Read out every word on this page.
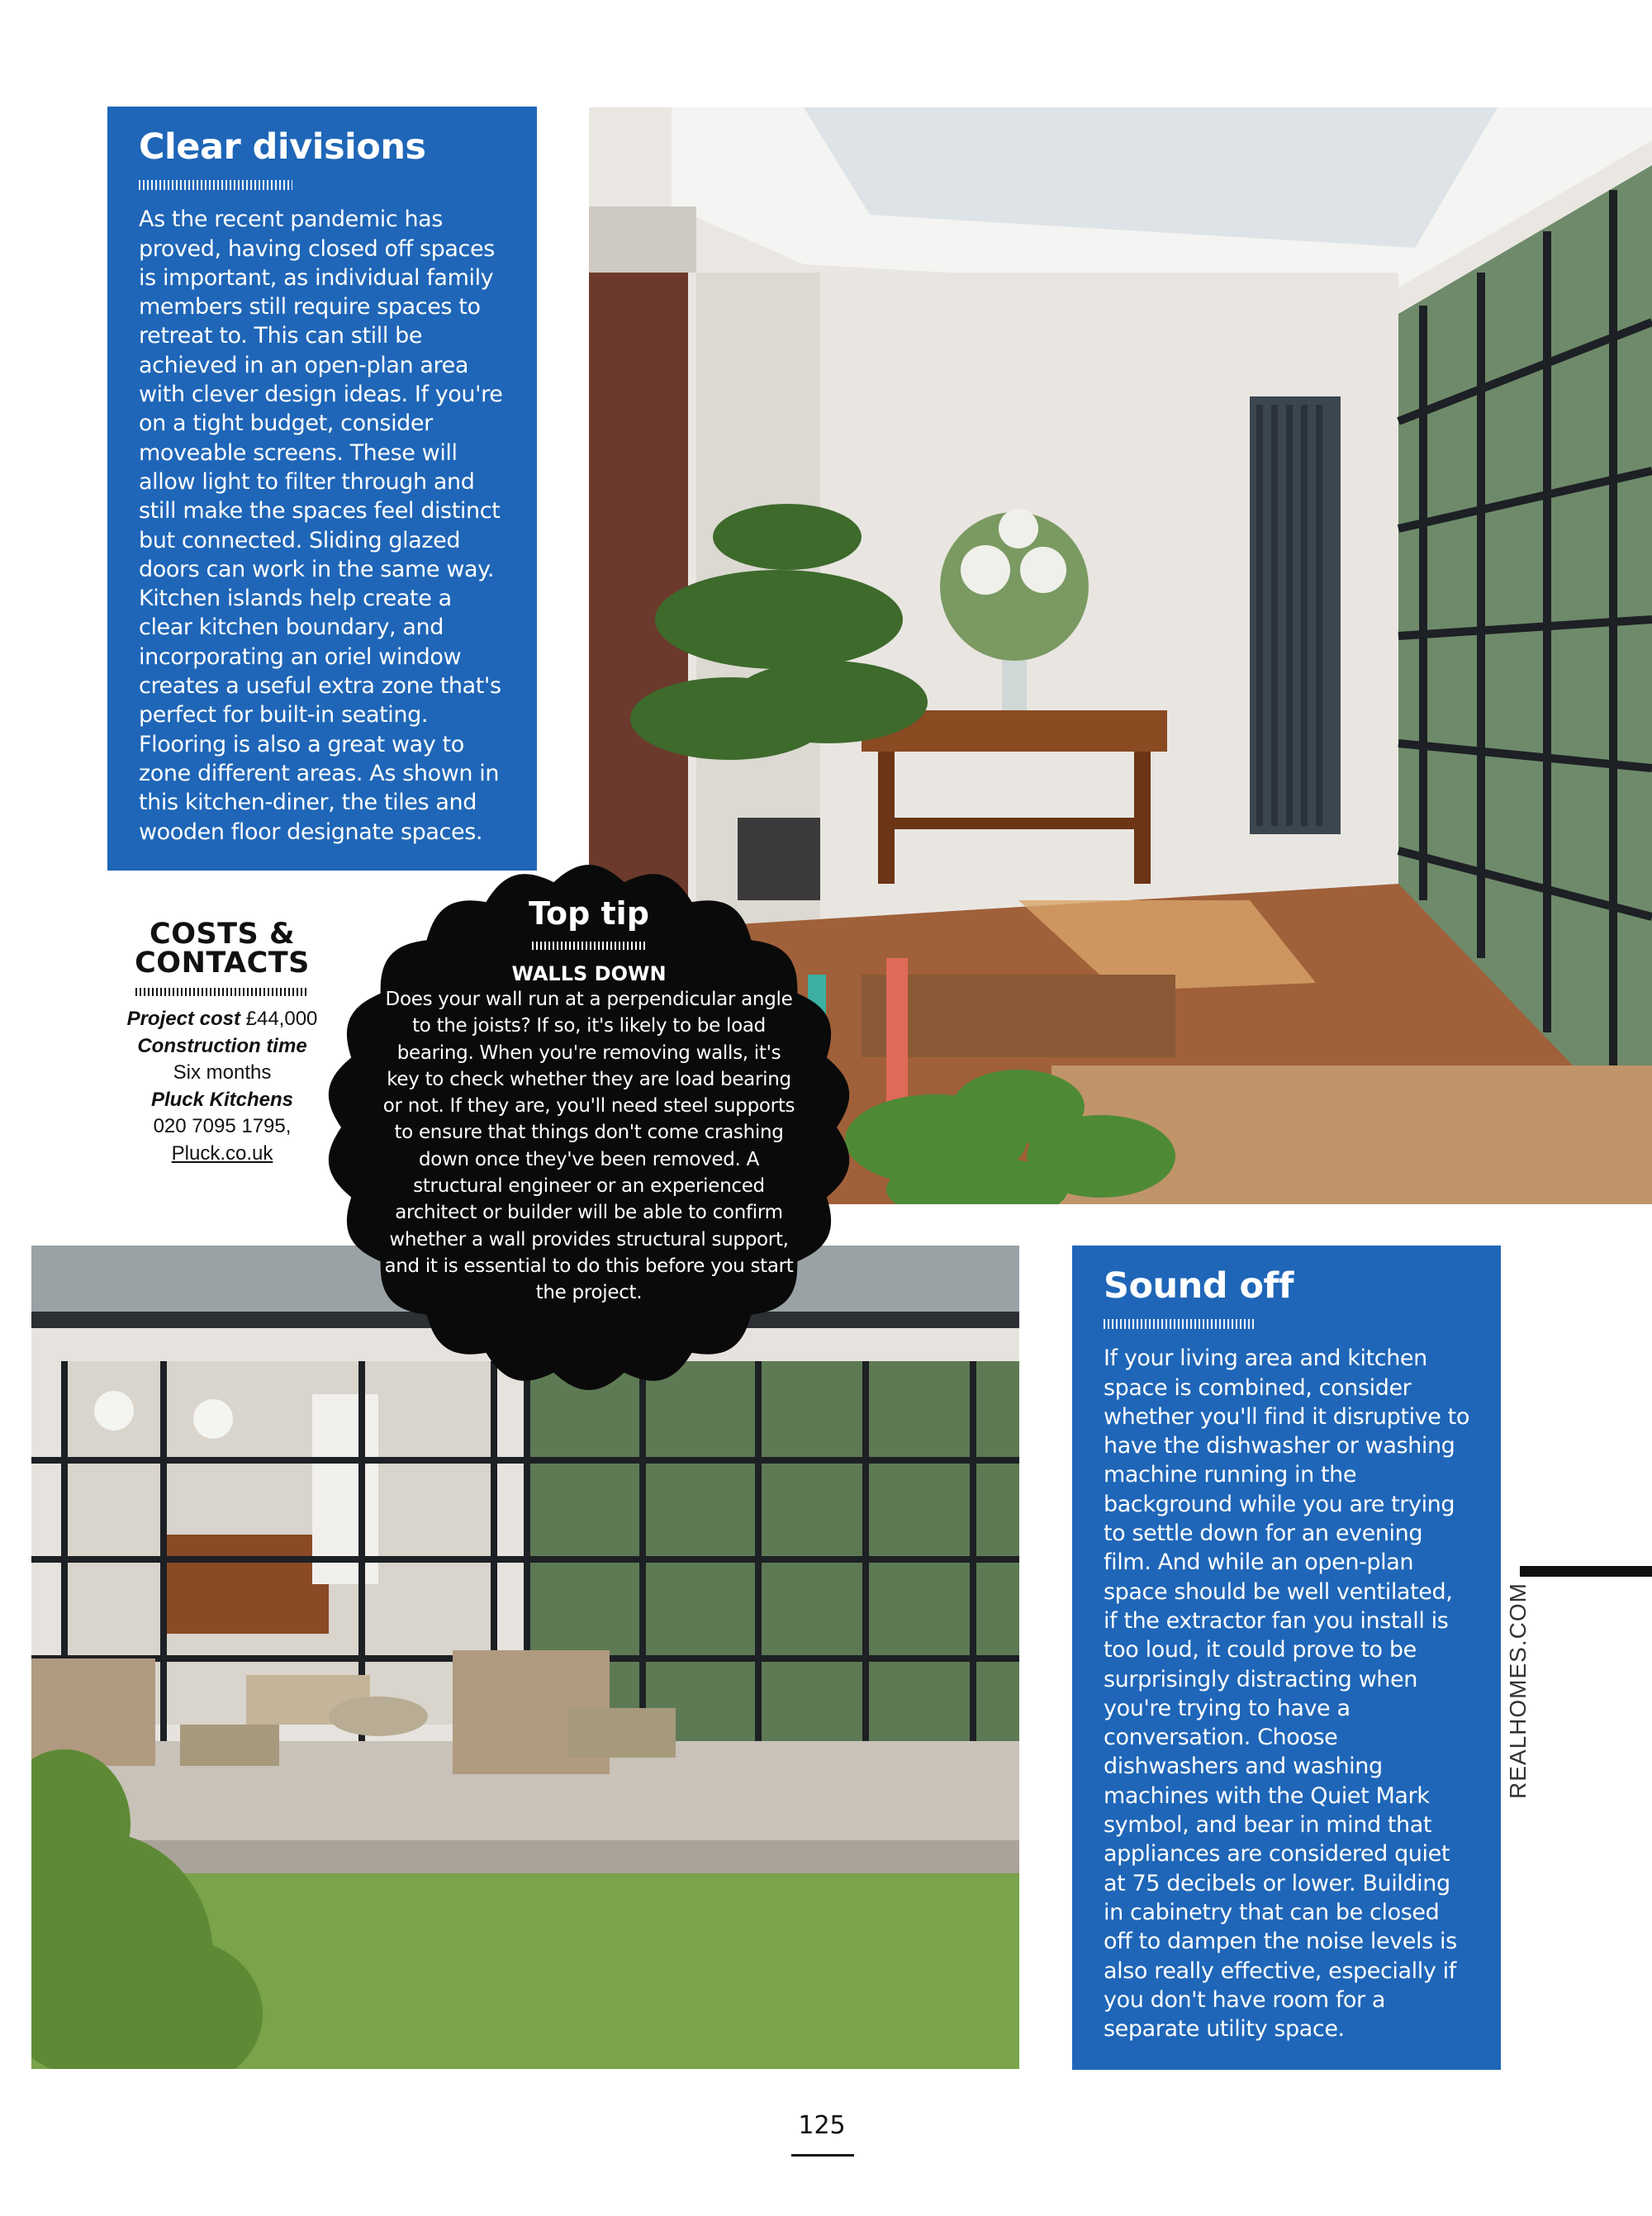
Clear divisions

As the recent pandemic has proved, having closed off spaces is important, as individual family members still require spaces to retreat to. This can still be achieved in an open-plan area with clever design ideas. If you're on a tight budget, consider moveable screens. These will allow light to filter through and still make the spaces feel distinct but connected. Sliding glazed doors can work in the same way. Kitchen islands help create a clear kitchen boundary, and incorporating an oriel window creates a useful extra zone that's perfect for built-in seating. Flooring is also a great way to zone different areas. As shown in this kitchen-diner, the tiles and wooden floor designate spaces.

COSTS &
CONTACTS
Project cost £44,000
Construction time
Six months
Pluck Kitchens
020 7095 1795,
Pluck.co.uk
Top tip
WALLS DOWN

Does your wall run at a perpendicular angle to the joists? If so, it's likely to be load bearing. When you're removing walls, it's key to check whether they are load bearing or not. If they are, you'll need steel supports to ensure that things don't come crashing down once they've been removed. A structural engineer or an experienced architect or builder will be able to confirm whether a wall provides structural support, and it is essential to do this before you start the project.	Sound off

If your living area and kitchen space is combined, consider whether you'll find it disruptive to have the dishwasher or washing machine running in the background while you are trying to settle down for an evening film. And while an open-plan space should be well ventilated, if the extractor fan you install is too loud, it could prove to be surprisingly distracting when you're trying to have a conversation. Choose dishwashers and washing machines with the Quiet Mark symbol, and bear in mind that appliances are considered quiet at 75 decibels or lower. Building in cabinetry that can be closed off to dampen the noise levels is also really effective, especially if you don't have room for a separate utility space.

REALHOMES.COM
125
